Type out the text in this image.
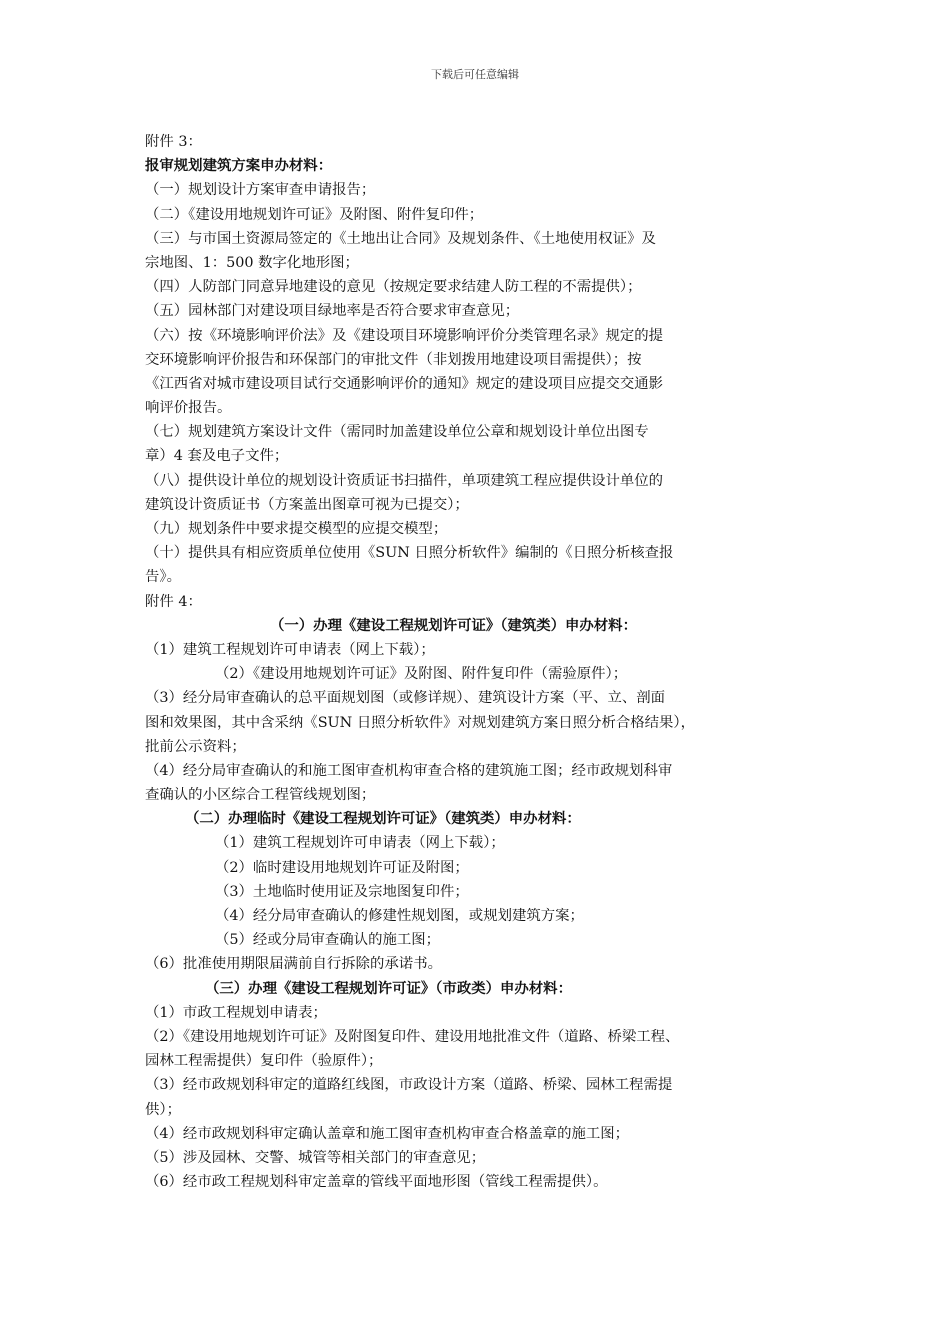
下载后可任意编辑
附件 3：
报审规划建筑方案申办材料：
（一）规划设计方案审查申请报告；
（二）《建设用地规划许可证》及附图、附件复印件；
（三）与市国土资源局签定的《土地出让合同》及规划条件、《土地使用权证》及
宗地图、1：500 数字化地形图；
（四）人防部门同意异地建设的意见（按规定要求结建人防工程的不需提供）；
（五）园林部门对建设项目绿地率是否符合要求审查意见；
（六）按《环境影响评价法》及《建设项目环境影响评价分类管理名录》规定的提
交环境影响评价报告和环保部门的审批文件（非划拨用地建设项目需提供）；按
《江西省对城市建设项目试行交通影响评价的通知》规定的建设项目应提交交通影
响评价报告。
（七）规划建筑方案设计文件（需同时加盖建设单位公章和规划设计单位出图专
章）4 套及电子文件；
（八）提供设计单位的规划设计资质证书扫描件，单项建筑工程应提供设计单位的
建筑设计资质证书（方案盖出图章可视为已提交）；
（九）规划条件中要求提交模型的应提交模型；
（十）提供具有相应资质单位使用《SUN 日照分析软件》编制的《日照分析核查报
告》。
附件 4：
（一）办理《建设工程规划许可证》（建筑类）申办材料：
（1）建筑工程规划许可申请表（网上下载）；
（2）《建设用地规划许可证》及附图、附件复印件（需验原件）；
（3）经分局审查确认的总平面规划图（或修详规）、建筑设计方案（平、立、剖面
图和效果图，其中含采纳《SUN 日照分析软件》对规划建筑方案日照分析合格结果），
批前公示资料；
（4）经分局审查确认的和施工图审查机构审查合格的建筑施工图；经市政规划科审
查确认的小区综合工程管线规划图；
（二）办理临时《建设工程规划许可证》（建筑类）申办材料：
（1）建筑工程规划许可申请表（网上下载）；
（2）临时建设用地规划许可证及附图；
（3）土地临时使用证及宗地图复印件；
（4）经分局审查确认的修建性规划图，或规划建筑方案；
（5）经或分局审查确认的施工图；
（6）批准使用期限届满前自行拆除的承诺书。
（三）办理《建设工程规划许可证》（市政类）申办材料：
（1）市政工程规划申请表；
（2）《建设用地规划许可证》及附图复印件、建设用地批准文件（道路、桥梁工程、
园林工程需提供）复印件（验原件）；
（3）经市政规划科审定的道路红线图，市政设计方案（道路、桥梁、园林工程需提
供）；
（4）经市政规划科审定确认盖章和施工图审查机构审查合格盖章的施工图；
（5）涉及园林、交警、城管等相关部门的审查意见；
（6）经市政工程规划科审定盖章的管线平面地形图（管线工程需提供）。
